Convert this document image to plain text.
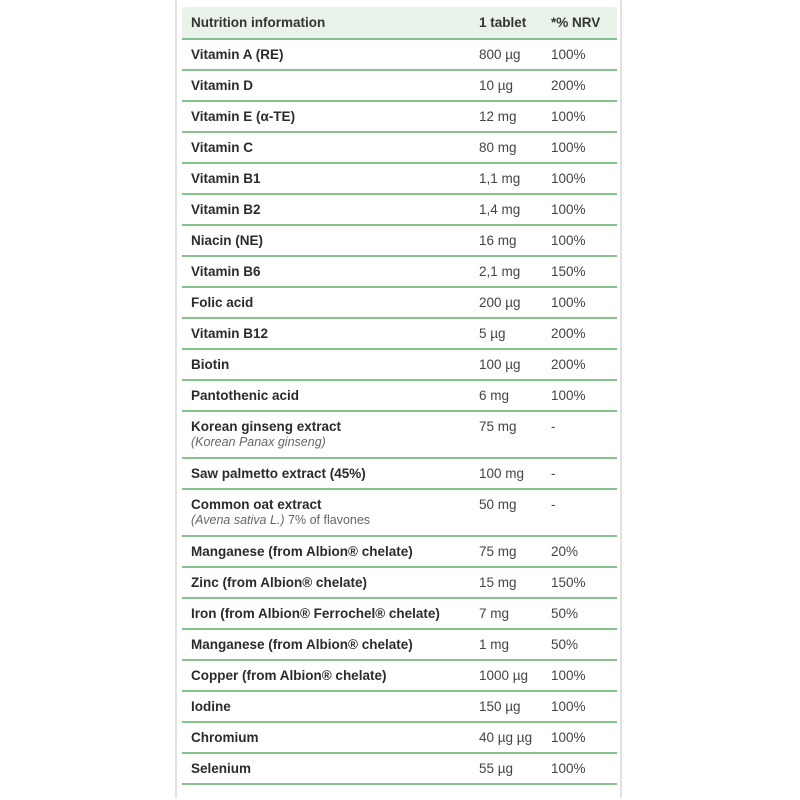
Nutrition information	1 tablet	*% NRV
Vitamin A (RE)	800 µg	100%
Vitamin D	10 µg	200%
Vitamin E (α-TE)	12 mg	100%
Vitamin C	80 mg	100%
Vitamin B1	1,1 mg	100%
Vitamin B2	1,4 mg	100%
Niacin (NE)	16 mg	100%
Vitamin B6	2,1 mg	150%
Folic acid	200 µg	100%
Vitamin B12	5 µg	200%
Biotin	100 µg	200%
Pantothenic acid	6 mg	100%
Korean ginseng extract
(Korean Panax ginseng)	75 mg	-
Saw palmetto extract (45%)	100 mg	-
Common oat extract
(Avena sativa L.) 7% of flavones	50 mg	-
Manganese (from Albion® chelate)	75 mg	20%
Zinc (from Albion® chelate)	15 mg	150%
Iron (from Albion® Ferrochel® chelate)	7 mg	50%
Manganese (from Albion® chelate)	1 mg	50%
Copper (from Albion® chelate)	1000 µg	100%
Iodine	150 µg	100%
Chromium	40 µg µg	100%
Selenium	55 µg	100%
